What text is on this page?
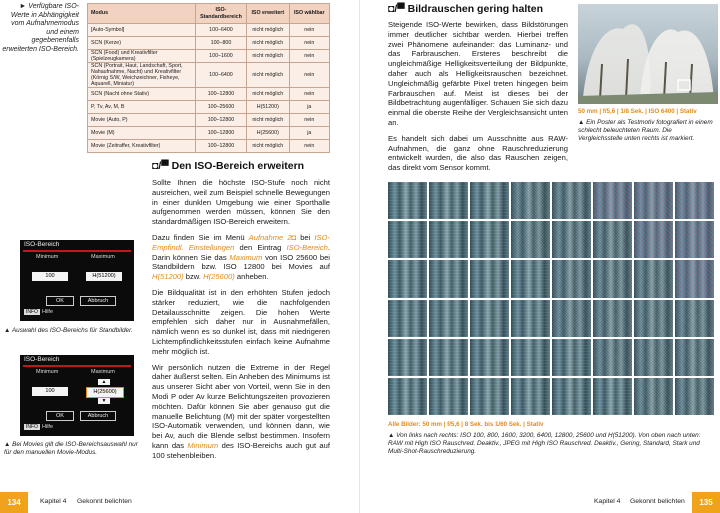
► Verfügbare ISO-Werte in Abhängigkeit vom Aufnahmemodus und einem gegebenenfalls erweiterten ISO-Bereich.
Modus	ISO-Standardbereich	ISO erweitert	ISO wählbar
[Auto-Symbol]	100–6400	nicht möglich	nein
SCN (Kerze)	100–800	nicht möglich	nein
SCN (Food) und Kreativfilter (Spielzeugkamera)	100–1600	nicht möglich	nein
SCN (Portrait, Haut, Landschaft, Sport, Nahaufnahme, Nacht) und Kreativfilter (Körnig S/W, Weichzeichner, Fisheye, Aquarell, Miniatur)	100–6400	nicht möglich	nein
SCN (Nacht ohne Stativ)	100–12800	nicht möglich	nein
P, Tv, Av, M, B	100–25600	H(51200)	ja
Movie (Auto, P)	100–12800	nicht möglich	nein
Movie (M)	100–12800	H(25600)	ja
Movie (Zeitraffer, Kreativfilter)	100–12800	nicht möglich	nein
◘/▀ Den ISO-Bereich erweitern

Sollte Ihnen die höchste ISO-Stufe noch nicht ausreichen, weil zum Beispiel schnelle Bewegungen in einer dunklen Umgebung wie einer Sporthalle aufgenommen werden müssen, können Sie den standardmäßigen ISO-Bereich erweitern.

Dazu finden Sie im Menü Aufnahme 2◘ bei ISO-Empfindl. Einstellungen den Eintrag ISO-Bereich. Darin können Sie das Maximum von ISO 25600 bei Standbildern bzw. ISO 12800 bei Movies auf H(51200) bzw. H(25600) anheben.

Die Bildqualität ist in den erhöhten Stufen jedoch stärker reduziert, wie die nachfolgenden Detailausschnitte zeigen. Die hohen Werte empfehlen sich daher nur in Ausnahmefällen, nämlich wenn es so dunkel ist, dass mit niedrigeren Lichtempfindlichkeitsstufen einfach keine Aufnahme mehr möglich ist.

Wir persönlich nutzen die Extreme in der Regel daher äußerst selten. Ein Anheben des Minimums ist aus unserer Sicht aber von Vorteil, wenn Sie in den Modi P oder Av kurze Belichtungszeiten provozieren möchten. Dafür können Sie aber genauso gut die manuelle Belichtung (M) mit der später vorgestellten ISO-Automatik verwenden, und können dann, wie bei Av, auch die Blende selbst bestimmen. Insofern kann das Minimum des ISO-Bereichs auch gut auf 100 stehenbleiben.

ISO-Bereich
Minimum	Maximum
100	H(51200)
OK	Abbruch
INFO Hilfe
▲ Auswahl des ISO-Bereichs für Standbilder.
ISO-Bereich
Minimum	Maximum
100
▲
H(25600)
▼
OK	Abbruch
INFO Hilfe
▲ Bei Movies gilt die ISO-Bereichsauswahl nur für den manuellen Movie-Modus.
134	Kapitel 4 Gekonnt belichten
◘/▀ Bildrauschen gering halten

Steigende ISO-Werte bewirken, dass Bildstörungen immer deutlicher sichtbar werden. Hierbei treffen zwei Phänomene aufeinander: das Luminanz- und das Farbrauschen. Ersteres beschreibt die ungleichmäßige Helligkeitsverteilung der Bildpunkte, daher auch als Helligkeitsrauschen bezeichnet. Ungleichmäßig gefärbte Pixel treten hingegen beim Farbrauschen auf. Meist ist dieses bei der Bildbetrachtung augenfälliger. Schauen Sie sich dazu einmal die oberste Reihe der Vergleichsansicht unten an.

Es handelt sich dabei um Ausschnitte aus RAW-Aufnahmen, die ganz ohne Rauschreduzierung entwickelt wurden, die also das Rauschen zeigen, das direkt vom Sensor kommt.

50 mm | f/5,6 | 1/8 Sek. | ISO 6400 | Stativ
▲ Ein Poster als Testmotiv fotografiert in einem schlecht beleuchteten Raum. Die Vergleichsstelle unten rechts ist markiert.
Alle Bilder: 50 mm | f/5,6 | 8 Sek. bis 1/60 Sek. | Stativ
▲ Von links nach rechts: ISO 100, 800, 1600, 3200, 6400, 12800, 25600 und H(51200). Von oben nach unten: RAW mit High ISO Rauschred. Deaktiv., JPEG mit High ISO Rauschred. Deaktiv., Gering, Standard, Stark und Multi-Shot-Rauschreduzierung.
Kapitel 4 Gekonnt belichten	135
